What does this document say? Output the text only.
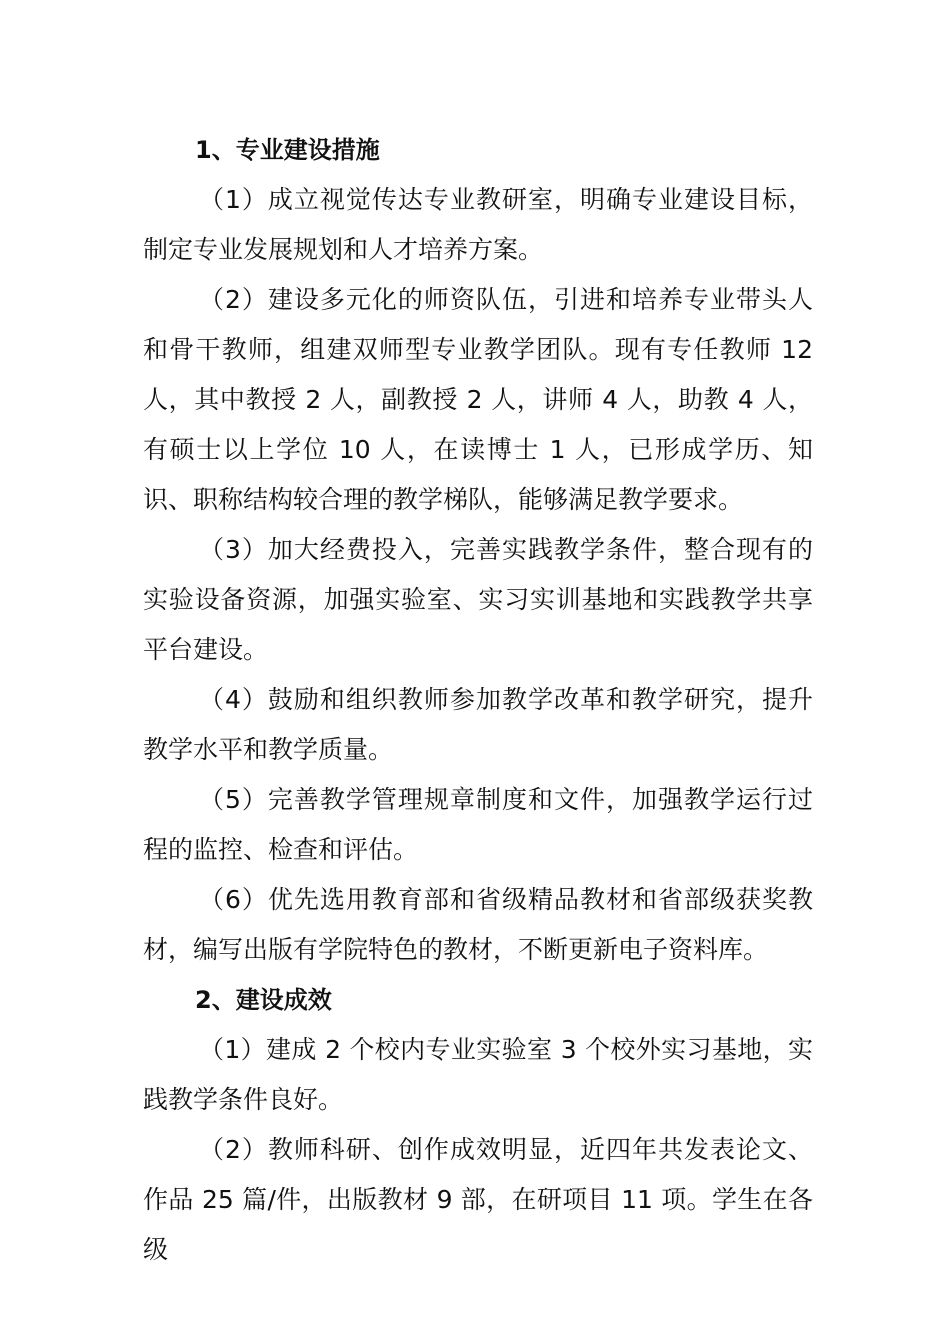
1、专业建设措施

（1）成立视觉传达专业教研室，明确专业建设目标，制定专业发展规划和人才培养方案。

（2）建设多元化的师资队伍，引进和培养专业带头人和骨干教师，组建双师型专业教学团队。现有专任教师 12 人，其中教授 2 人，副教授 2 人，讲师 4 人，助教 4 人，有硕士以上学位 10 人，在读博士 1 人，已形成学历、知识、职称结构较合理的教学梯队，能够满足教学要求。

（3）加大经费投入，完善实践教学条件，整合现有的实验设备资源，加强实验室、实习实训基地和实践教学共享平台建设。

（4）鼓励和组织教师参加教学改革和教学研究，提升教学水平和教学质量。

（5）完善教学管理规章制度和文件，加强教学运行过程的监控、检查和评估。

（6）优先选用教育部和省级精品教材和省部级获奖教材，编写出版有学院特色的教材，不断更新电子资料库。

2、建设成效

（1）建成 2 个校内专业实验室 3 个校外实习基地，实践教学条件良好。

（2）教师科研、创作成效明显，近四年共发表论文、作品 25 篇/件，出版教材 9 部，在研项目 11 项。学生在各级
